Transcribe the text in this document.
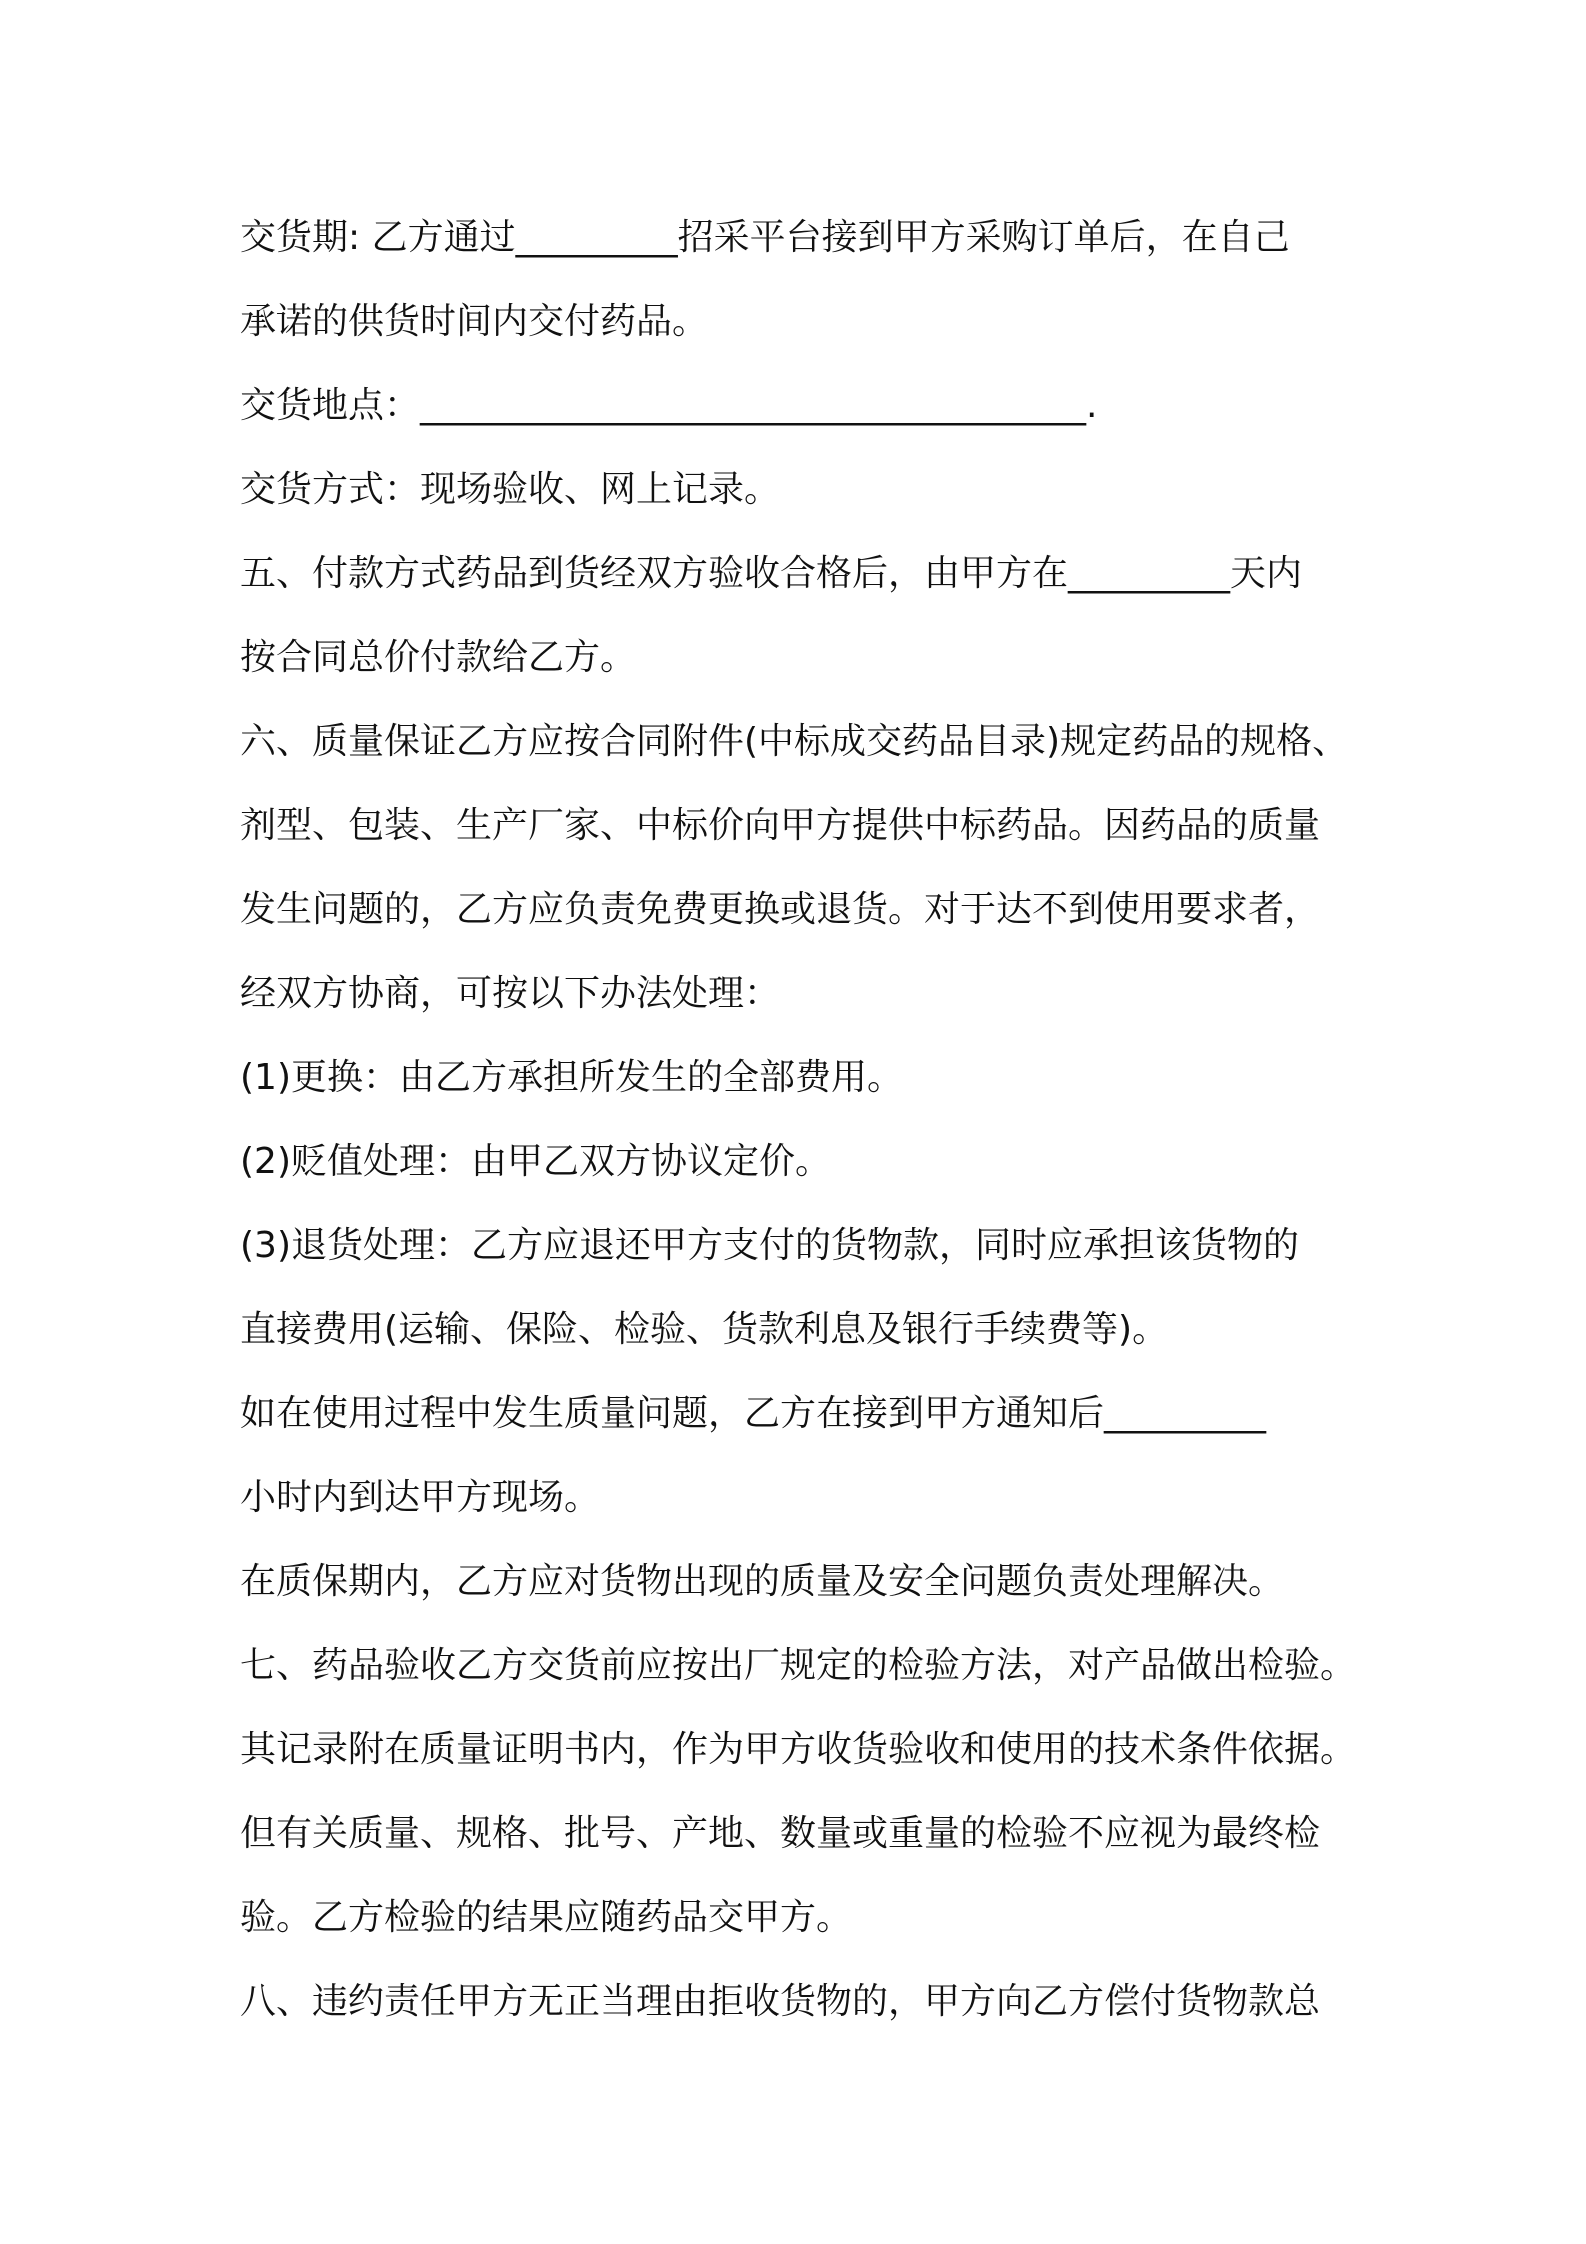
交货期: 乙方通过_________招采平台接到甲方采购订单后，在自己
承诺的供货时间内交付药品。
交货地点：_____________________________________.
交货方式：现场验收、网上记录。
五、付款方式药品到货经双方验收合格后，由甲方在_________天内
按合同总价付款给乙方。
六、质量保证乙方应按合同附件(中标成交药品目录)规定药品的规格、
剂型、包装、生产厂家、中标价向甲方提供中标药品。因药品的质量
发生问题的，乙方应负责免费更换或退货。对于达不到使用要求者，
经双方协商，可按以下办法处理：
(1)更换：由乙方承担所发生的全部费用。
(2)贬值处理：由甲乙双方协议定价。
(3)退货处理：乙方应退还甲方支付的货物款，同时应承担该货物的
直接费用(运输、保险、检验、货款利息及银行手续费等)。
如在使用过程中发生质量问题，乙方在接到甲方通知后_________
小时内到达甲方现场。
在质保期内，乙方应对货物出现的质量及安全问题负责处理解决。
七、药品验收乙方交货前应按出厂规定的检验方法，对产品做出检验。
其记录附在质量证明书内，作为甲方收货验收和使用的技术条件依据。
但有关质量、规格、批号、产地、数量或重量的检验不应视为最终检
验。乙方检验的结果应随药品交甲方。
八、违约责任甲方无正当理由拒收货物的，甲方向乙方偿付货物款总
